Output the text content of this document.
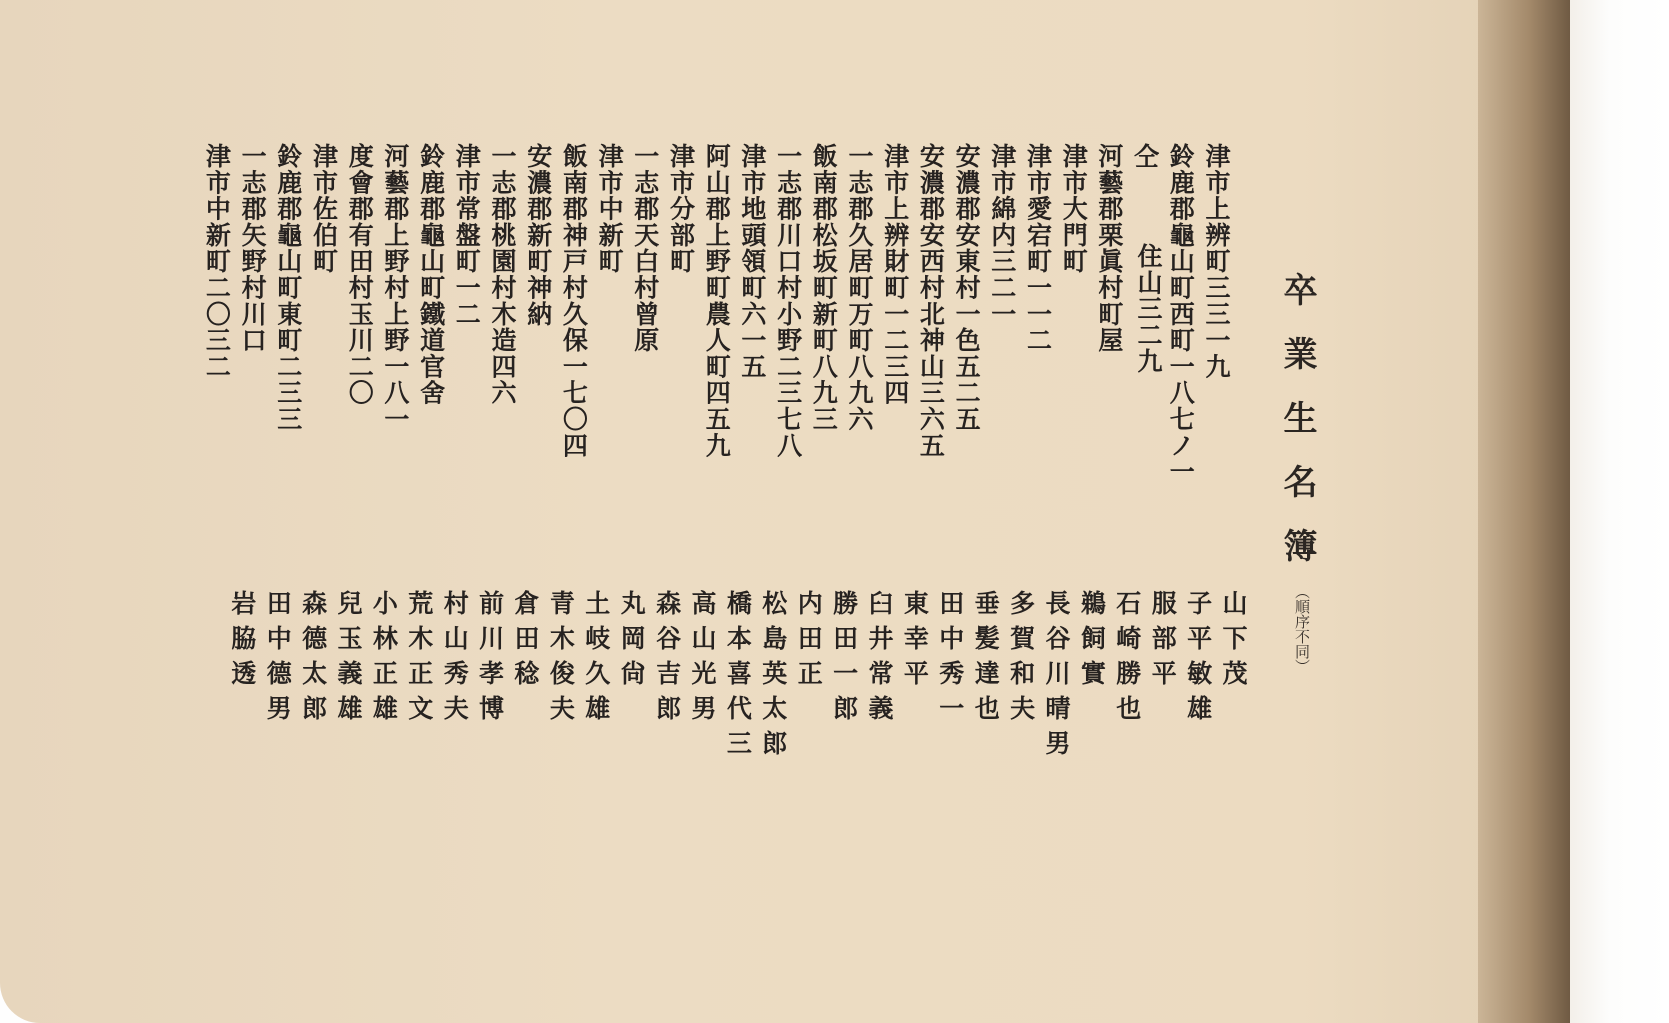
卒業生名簿
（順序不同）
津市上辨町三三一九
鈴鹿郡龜山町西町一八七ノ一
仝
河藝郡栗眞村町屋
津市大門町
津市愛宕町一一二
津市綿内三二一
安濃郡安東村一色五二五
安濃郡安西村北神山三六五
津市上辨財町一二三四
一志郡久居町万町八九六
飯南郡松坂町新町八九三
一志郡川口村小野二三七八
津市地頭領町六一五
阿山郡上野町農人町四五九
津市分部町
一志郡天白村曾原
津市中新町
飯南郡神戸村久保一七〇四
安濃郡新町神納
一志郡桃園村木造四六
津市常盤町一二
鈴鹿郡龜山町鐵道官舍
河藝郡上野村上野一八一
度會郡有田村玉川二〇
津市佐伯町
鈴鹿郡龜山町東町二三三
一志郡矢野村川口
津市中新町二〇三二	住山三二九
山下茂
子平敏雄
服部平
石崎勝也
鵜飼實
長谷川晴男
多賀和夫
垂髪達也
田中秀一
東幸平
臼井常義
勝田一郎
内田正
松島英太郎
橋本喜代三
高山光男
森谷吉郎
丸岡尙
土岐久雄
青木俊夫
倉田稔
前川孝博
村山秀夫
荒木正文
小林正雄
兒玉義雄
森德太郎
田中德男
岩脇透
